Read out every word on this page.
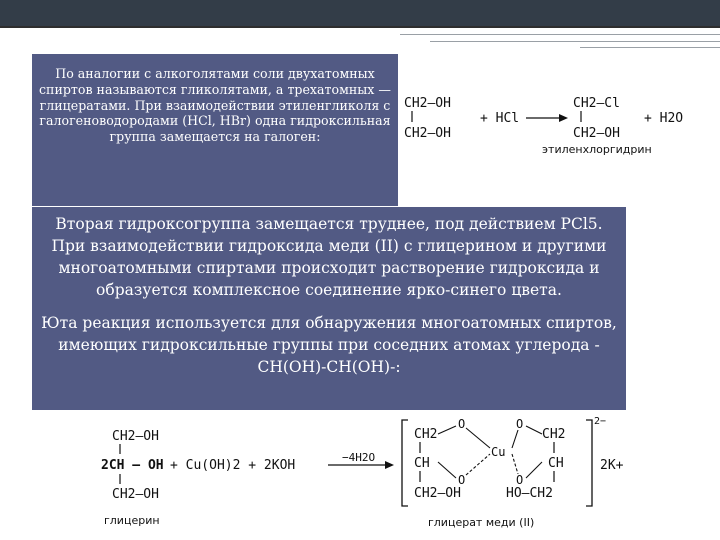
По аналогии с алкоголятами соли двухатомных спиртов называются гликолятами, а трехатомных — глицератами. При взаимодействии этиленгликоля с галогеноводородами (HCl, HBr) одна гидроксильная группа замещается на галоген:
CH2—OH
CH2—OH
+ HCl
CH2—Cl
CH2—OH
+ H2O
этиленхлоргидрин

Вторая гидроксогруппа замещается труднее, под действием PCl5. При взаимодействии гидроксида меди (II) с глицерином и другими многоатомными спиртами происходит растворение гидроксида и образуется комплексное соединение ярко-синего цвета.

Юта реакция используется для обнаружения многоатомных спиртов, имеющих гидроксильные группы при соседних атомах углерода -CH(OH)-CH(OH)-:

CH2—OH
2CH — OH
CH2—OH
+ Cu(OH)2 + 2KOH
−4H2O
глицерин
2−
CH2
CH
CH2—OH
O
O
Cu
O
O
CH2
CH
HO—CH2
2K+
глицерат меди (II)
